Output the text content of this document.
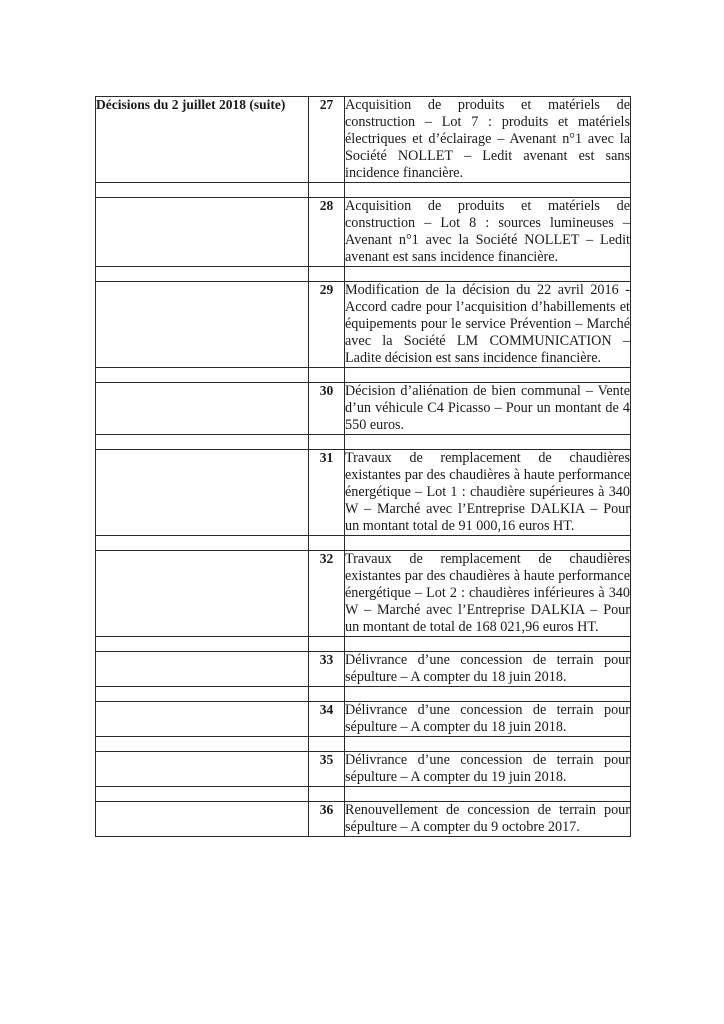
Décisions du 2 juillet 2018 (suite)	27	Acquisition de produits et matériels de construction – Lot 7 : produits et matériels électriques et d’éclairage – Avenant n°1 avec la Société NOLLET – Ledit avenant est sans incidence financière.

	28	Acquisition de produits et matériels de construction – Lot 8 : sources lumineuses – Avenant n°1 avec la Société NOLLET – Ledit avenant est sans incidence financière.

	29	Modification de la décision du 22 avril 2016 - Accord cadre pour l’acquisition d’habillements et équipements pour le service Prévention – Marché avec la Société LM COMMUNICATION – Ladite décision est sans incidence financière.

	30	Décision d’aliénation de bien communal – Vente d’un véhicule C4 Picasso – Pour un montant de 4 550 euros.

	31	Travaux de remplacement de chaudières existantes par des chaudières à haute performance énergétique – Lot 1 : chaudière supérieures à 340 W – Marché avec l’Entreprise DALKIA – Pour un montant total de 91 000,16 euros HT.

	32	Travaux de remplacement de chaudières existantes par des chaudières à haute performance énergétique – Lot 2 : chaudières inférieures à 340 W – Marché avec l’Entreprise DALKIA – Pour un montant de total de 168 021,96 euros HT.

	33	Délivrance d’une concession de terrain pour sépulture – A compter du 18 juin 2018.

	34	Délivrance d’une concession de terrain pour sépulture – A compter du 18 juin 2018.

	35	Délivrance d’une concession de terrain pour sépulture – A compter du 19 juin 2018.

	36	Renouvellement de concession de terrain pour sépulture – A compter du 9 octobre 2017.
